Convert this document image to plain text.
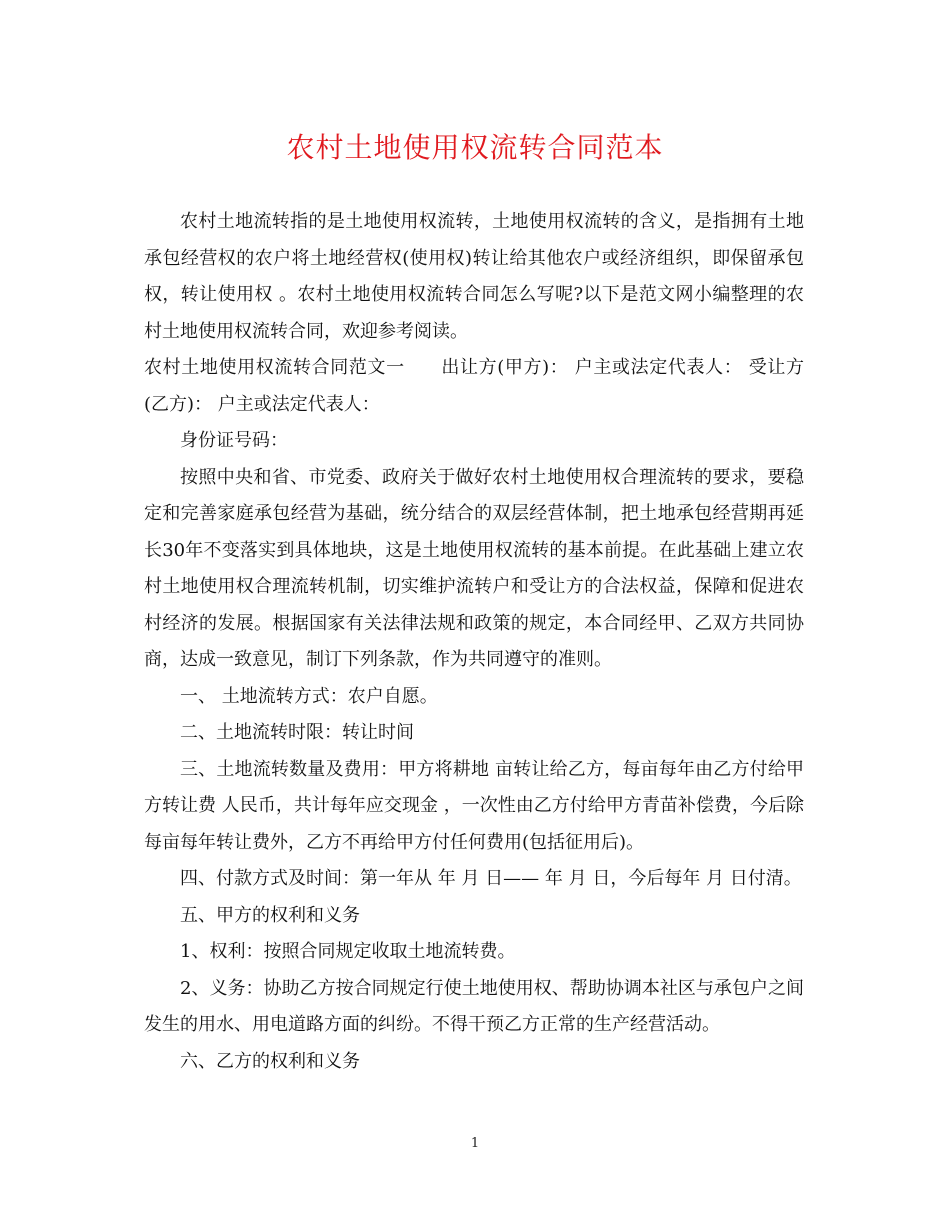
农村土地使用权流转合同范本

农村土地流转指的是土地使用权流转，土地使用权流转的含义，是指拥有土地承包经营权的农户将土地经营权(使用权)转让给其他农户或经济组织，即保留承包权，转让使用权 。农村土地使用权流转合同怎么写呢?以下是范文网小编整理的农村土地使用权流转合同，欢迎参考阅读。

农村土地使用权流转合同范文一 出让方(甲方)： 户主或法定代表人： 受让方(乙方)： 户主或法定代表人：

身份证号码：

按照中央和省、市党委、政府关于做好农村土地使用权合理流转的要求，要稳定和完善家庭承包经营为基础，统分结合的双层经营体制，把土地承包经营期再延长30年不变落实到具体地块，这是土地使用权流转的基本前提。在此基础上建立农村土地使用权合理流转机制，切实维护流转户和受让方的合法权益，保障和促进农村经济的发展。根据国家有关法律法规和政策的规定，本合同经甲、乙双方共同协商，达成一致意见，制订下列条款，作为共同遵守的准则。

一、 土地流转方式：农户自愿。

二、土地流转时限：转让时间

三、土地流转数量及费用：甲方将耕地 亩转让给乙方，每亩每年由乙方付给甲方转让费 人民币，共计每年应交现金 ，一次性由乙方付给甲方青苗补偿费，今后除每亩每年转让费外，乙方不再给甲方付任何费用(包括征用后)。

四、付款方式及时间：第一年从 年 月 日—— 年 月 日，今后每年 月 日付清。

五、甲方的权利和义务

1、权利：按照合同规定收取土地流转费。

2、义务：协助乙方按合同规定行使土地使用权、帮助协调本社区与承包户之间发生的用水、用电道路方面的纠纷。不得干预乙方正常的生产经营活动。

六、乙方的权利和义务

1
